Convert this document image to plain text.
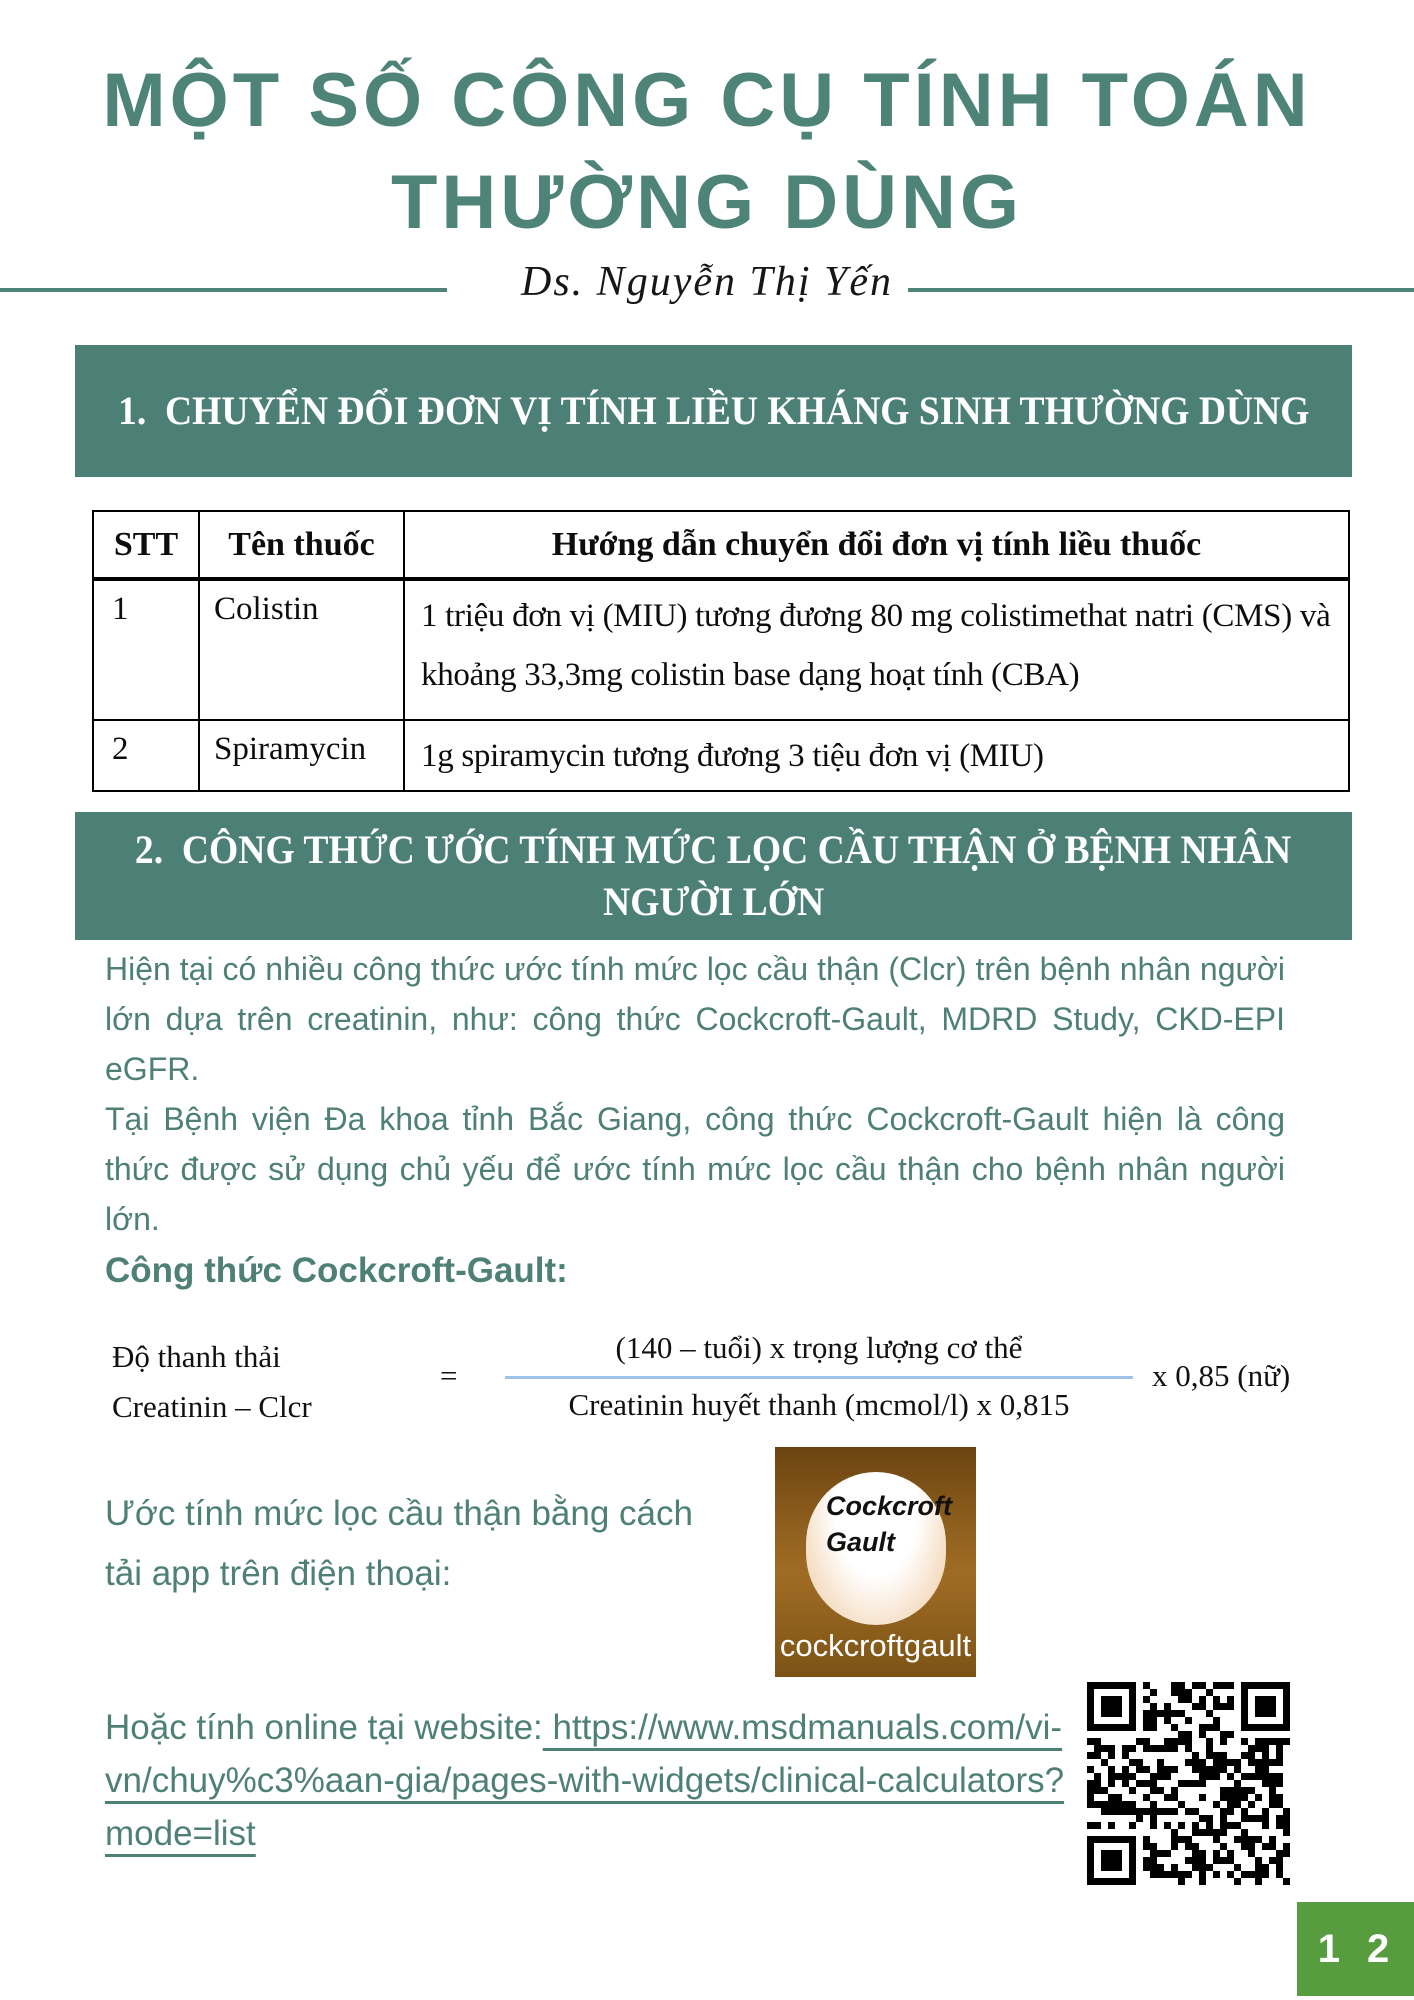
MỘT SỐ CÔNG CỤ TÍNH TOÁN
THƯỜNG DÙNG
Ds. Nguyễn Thị Yến
1.  CHUYỂN ĐỔI ĐƠN VỊ TÍNH LIỀU KHÁNG SINH THƯỜNG DÙNG
STT	Tên thuốc	Hướng dẫn chuyển đổi đơn vị tính liều thuốc
1	Colistin	1 triệu đơn vị (MIU) tương đương 80 mg colistimethat natri (CMS) và khoảng 33,3mg colistin base dạng hoạt tính (CBA)
2	Spiramycin	1g spiramycin tương đương 3 tiệu đơn vị (MIU)
2.  CÔNG THỨC ƯỚC TÍNH MỨC LỌC CẦU THẬN Ở BỆNH NHÂN
NGƯỜI LỚN

Hiện tại có nhiều công thức ước tính mức lọc cầu thận (Clcr) trên bệnh nhân người lớn dựa trên creatinin, như: công thức Cockcroft-Gault, MDRD Study, CKD-EPI eGFR.

Tại Bệnh viện Đa khoa tỉnh Bắc Giang, công thức Cockcroft-Gault hiện là công thức được sử dụng chủ yếu để ước tính mức lọc cầu thận cho bệnh nhân người lớn.

Công thức Cockcroft-Gault:
Độ thanh thải
Creatinin – Clcr
=
(140 – tuổi) x trọng lượng cơ thể
Creatinin huyết thanh (mcmol/l) x 0,815
x 0,85 (nữ)
Ước tính mức lọc cầu thận bằng cách
tải app trên điện thoại:
Cockcroft
Gault
cockcroftgault
Hoặc tính online tại website: https://www.msdmanuals.com/vi-
vn/chuy%c3%aan-gia/pages-with-widgets/clinical-calculators?
mode=list
1 2
